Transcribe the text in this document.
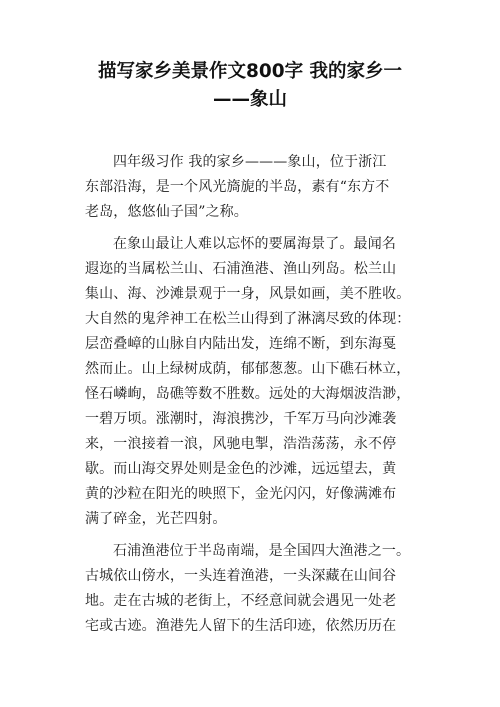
描写家乡美景作文800字 我的家乡一
——象山
四年级习作 我的家乡———象山，位于浙江
东部沿海，是一个风光旖旎的半岛，素有“东方不
老岛，悠悠仙子国”之称。
在象山最让人难以忘怀的要属海景了。最闻名
遐迩的当属松兰山、石浦渔港、渔山列岛。松兰山
集山、海、沙滩景观于一身，风景如画，美不胜收。
大自然的鬼斧神工在松兰山得到了淋漓尽致的体现：
层峦叠嶂的山脉自内陆出发，连绵不断，到东海戛
然而止。山上绿树成荫，郁郁葱葱。山下礁石林立，
怪石嶙峋，岛礁等数不胜数。远处的大海烟波浩渺，
一碧万顷。涨潮时，海浪携沙，千军万马向沙滩袭
来，一浪接着一浪，风驰电掣，浩浩荡荡，永不停
歇。而山海交界处则是金色的沙滩，远远望去，黄
黄的沙粒在阳光的映照下，金光闪闪，好像满滩布
满了碎金，光芒四射。
石浦渔港位于半岛南端，是全国四大渔港之一。
古城依山傍水，一头连着渔港，一头深藏在山间谷
地。走在古城的老街上，不经意间就会遇见一处老
宅或古迹。渔港先人留下的生活印迹，依然历历在
